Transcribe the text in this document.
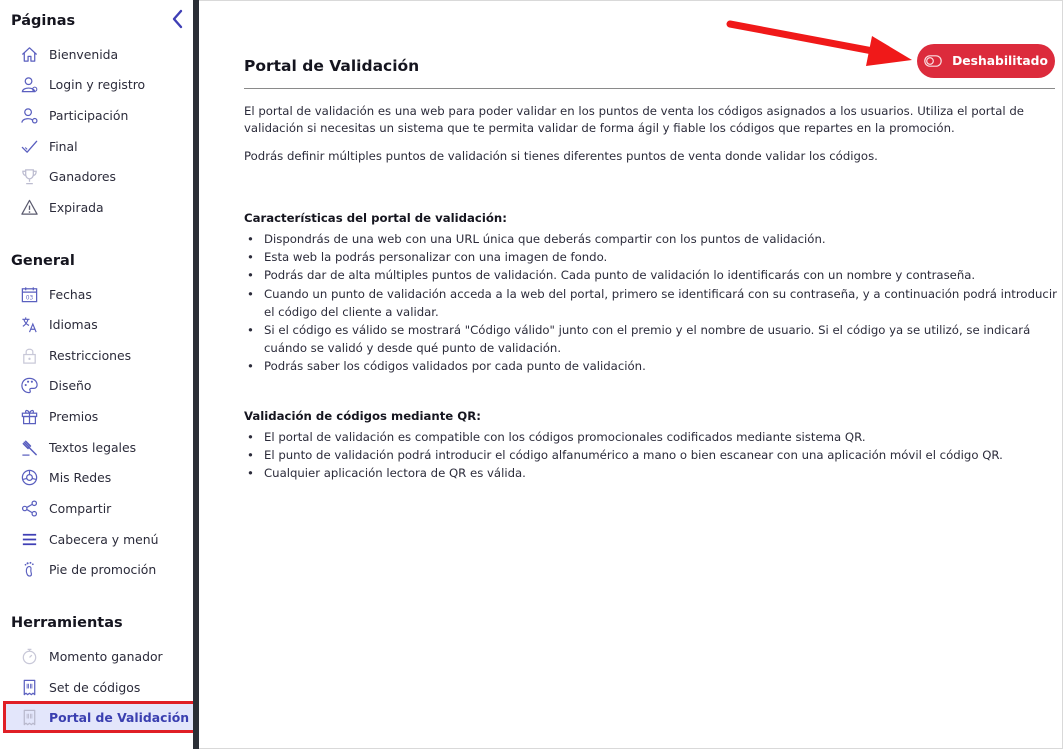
Páginas
Bienvenida
Login y registro
Participación
Final
Ganadores
Expirada
General
03 Fechas
Idiomas
Restricciones
Diseño
Premios
Textos legales
Mis Redes
Compartir
Cabecera y menú
Pie de promoción
Herramientas
Momento ganador
Set de códigos
Portal de Validación
Portal de Validación	Deshabilitado

El portal de validación es una web para poder validar en los puntos de venta los códigos asignados a los usuarios. Utiliza el portal de validación si necesitas un sistema que te permita validar de forma ágil y fiable los códigos que repartes en la promoción.

Podrás definir múltiples puntos de validación si tienes diferentes puntos de venta donde validar los códigos.

Características del portal de validación:
• Dispondrás de una web con una URL única que deberás compartir con los puntos de validación.
• Esta web la podrás personalizar con una imagen de fondo.
• Podrás dar de alta múltiples puntos de validación. Cada punto de validación lo identificarás con un nombre y contraseña.
• Cuando un punto de validación acceda a la web del portal, primero se identificará con su contraseña, y a continuación podrá introducir el código del cliente a validar.
• Si el código es válido se mostrará "Código válido" junto con el premio y el nombre de usuario. Si el código ya se utilizó, se indicará cuándo se validó y desde qué punto de validación.
• Podrás saber los códigos validados por cada punto de validación.
Validación de códigos mediante QR:
• El portal de validación es compatible con los códigos promocionales codificados mediante sistema QR.
• El punto de validación podrá introducir el código alfanumérico a mano o bien escanear con una aplicación móvil el código QR.
• Cualquier aplicación lectora de QR es válida.
